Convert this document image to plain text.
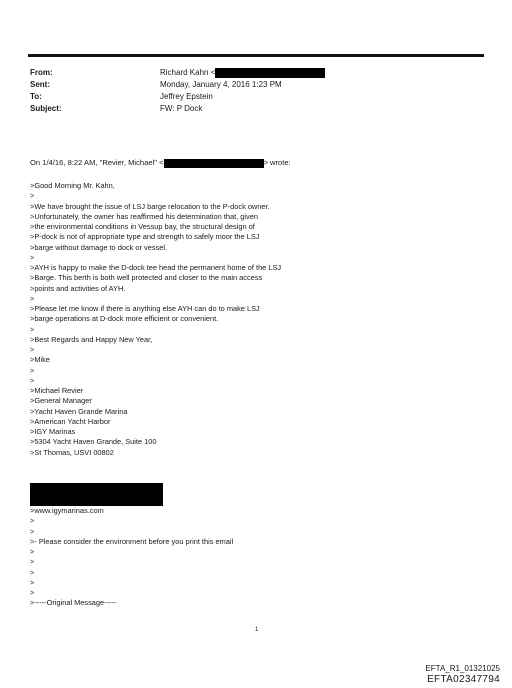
From:	Richard Kahn <
Sent:	Monday, January 4, 2016 1:23 PM
To:	Jeffrey Epstein
Subject:	FW: P Dock
On 1/4/16, 8:22 AM, "Revier, Michael" <	> wrote:
>Good Morning Mr. Kahn,
>
>We have brought the issue of LSJ barge relocation to the P-dock owner.
>Unfortunately, the owner has reaffirmed his determination that, given
>the environmental conditions in Vessup bay, the structural design of
>P-dock is not of appropriate type and strength to safely moor the LSJ
>barge without damage to dock or vessel.
>
>AYH is happy to make the D-dock tee head the permanent home of the LSJ
>Barge. This berth is both well protected and closer to the main access
>points and activities of AYH.
>
>Please let me know if there is anything else AYH can do to make LSJ
>barge operations at D-dock more efficient or convenient.
>
>Best Regards and Happy New Year,
>
>Mike
>
>
>Michael Revier
>General Manager
>Yacht Haven Grande Marina
>American Yacht Harbor
>IGY Marinas
>5304 Yacht Haven Grande, Suite 100
>St Thomas, USVI 00802
>www.igymarinas.com
>
>
>- Please consider the environment before you print this email
>
>
>
>
>
>-----Original Message-----
1
EFTA_R1_01321025
EFTA02347794
